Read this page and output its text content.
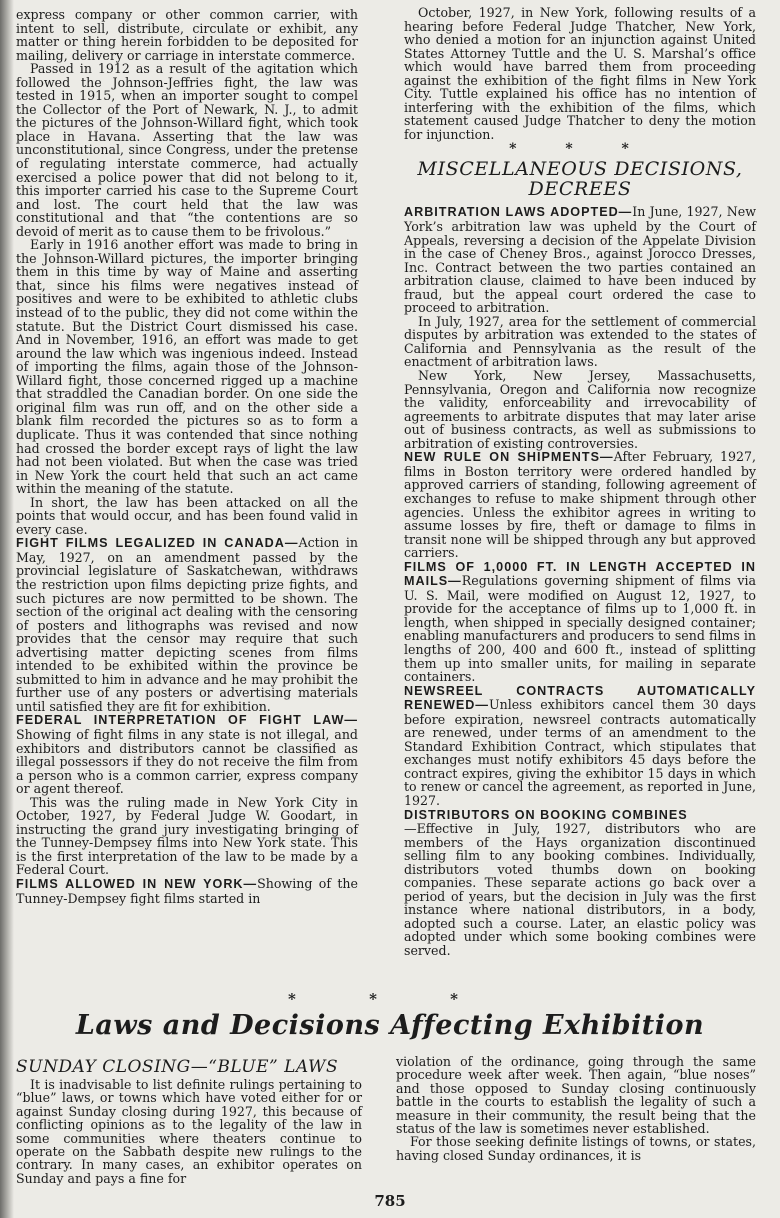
express company or other common carrier, with intent to sell, distribute, circulate or exhibit, any matter or thing herein forbidden to be deposited for mailing, delivery or carriage in interstate commerce.

Passed in 1912 as a result of the agitation which followed the Johnson-Jeffries fight, the law was tested in 1915, when an importer sought to compel the Collector of the Port of Newark, N. J., to admit the pictures of the Johnson-Willard fight, which took place in Havana. Asserting that the law was unconstitutional, since Congress, under the pretense of regulating interstate commerce, had actually exercised a police power that did not belong to it, this importer carried his case to the Supreme Court and lost. The court held that the law was constitutional and that “the contentions are so devoid of merit as to cause them to be frivolous.”

Early in 1916 another effort was made to bring in the Johnson-Willard pictures, the importer bringing them in this time by way of Maine and asserting that, since his films were negatives instead of positives and were to be exhibited to athletic clubs instead of to the public, they did not come within the statute. But the District Court dismissed his case. And in November, 1916, an effort was made to get around the law which was ingenious indeed. Instead of importing the films, again those of the Johnson-Willard fight, those concerned rigged up a machine that straddled the Canadian border. On one side the original film was run off, and on the other side a blank film recorded the pictures so as to form a duplicate. Thus it was contended that since nothing had crossed the border except rays of light the law had not been violated. But when the case was tried in New York the court held that such an act came within the meaning of the statute.

In short, the law has been attacked on all the points that would occur, and has been found valid in every case.

FIGHT FILMS LEGALIZED IN CANADA—Action in May, 1927, on an amendment passed by the provincial legislature of Saskatchewan, withdraws the restriction upon films depicting prize fights, and such pictures are now permitted to be shown. The section of the original act dealing with the censoring of posters and lithographs was revised and now provides that the censor may require that such advertising matter depicting scenes from films intended to be exhibited within the province be submitted to him in advance and he may prohibit the further use of any posters or advertising materials until satisfied they are fit for exhibition.

FEDERAL INTERPRETATION OF FIGHT LAW—Showing of fight films in any state is not illegal, and exhibitors and distributors cannot be classified as illegal possessors if they do not receive the film from a person who is a common carrier, express company or agent thereof.

This was the ruling made in New York City in October, 1927, by Federal Judge W. Goodart, in instructing the grand jury investigating bringing of the Tunney-Dempsey films into New York state. This is the first interpretation of the law to be made by a Federal Court.

FILMS ALLOWED IN NEW YORK—Showing of the Tunney-Dempsey fight films started in

October, 1927, in New York, following results of a hearing before Federal Judge Thatcher, New York, who denied a motion for an injunction against United States Attorney Tuttle and the U. S. Marshal’s office which would have barred them from proceeding against the exhibition of the fight films in New York City. Tuttle explained his office has no intention of interfering with the exhibition of the films, which statement caused Judge Thatcher to deny the motion for injunction.

* * *
MISCELLANEOUS DECISIONS,
DECREES

ARBITRATION LAWS ADOPTED—In June, 1927, New York’s arbitration law was upheld by the Court of Appeals, reversing a decision of the Appelate Division in the case of Cheney Bros., against Jorocco Dresses, Inc. Contract between the two parties contained an arbitration clause, claimed to have been induced by fraud, but the appeal court ordered the case to proceed to arbitration.

In July, 1927, area for the settlement of commercial disputes by arbitration was extended to the states of California and Pennsylvania as the result of the enactment of arbitration laws.

New York, New Jersey, Massachusetts, Pennsylvania, Oregon and California now recognize the validity, enforceability and irrevocability of agreements to arbitrate disputes that may later arise out of business contracts, as well as submissions to arbitration of existing controversies.

NEW RULE ON SHIPMENTS—After February, 1927, films in Boston territory were ordered handled by approved carriers of standing, following agreement of exchanges to refuse to make shipment through other agencies. Unless the exhibitor agrees in writing to assume losses by fire, theft or damage to films in transit none will be shipped through any but approved carriers.

FILMS OF 1,0000 FT. IN LENGTH ACCEPTED IN MAILS—Regulations governing shipment of films via U. S. Mail, were modified on August 12, 1927, to provide for the acceptance of films up to 1,000 ft. in length, when shipped in specially designed container; enabling manufacturers and producers to send films in lengths of 200, 400 and 600 ft., instead of splitting them up into smaller units, for mailing in separate containers.

NEWSREEL CONTRACTS AUTOMATICALLY RENEWED—Unless exhibitors cancel them 30 days before expiration, newsreel contracts automatically are renewed, under terms of an amendment to the Standard Exhibition Contract, which stipulates that exchanges must notify exhibitors 45 days before the contract expires, giving the exhibitor 15 days in which to renew or cancel the agreement, as reported in June, 1927.

DISTRIBUTORS ON BOOKING COMBINES
—Effective in July, 1927, distributors who are members of the Hays organization discontinued selling film to any booking combines. Individually, distributors voted thumbs down on booking companies. These separate actions go back over a period of years, but the decision in July was the first instance where national distributors, in a body, adopted such a course. Later, an elastic policy was adopted under which some booking combines were served.

* * *
Laws and Decisions Affecting Exhibition
SUNDAY CLOSING—“BLUE” LAWS

It is inadvisable to list definite rulings pertaining to “blue” laws, or towns which have voted either for or against Sunday closing during 1927, this because of conflicting opinions as to the legality of the law in some communities where theaters continue to operate on the Sabbath despite new rulings to the contrary. In many cases, an exhibitor operates on Sunday and pays a fine for

violation of the ordinance, going through the same procedure week after week. Then again, “blue noses” and those opposed to Sunday closing continuously battle in the courts to establish the legality of such a measure in their community, the result being that the status of the law is sometimes never established.

For those seeking definite listings of towns, or states, having closed Sunday ordinances, it is

785
